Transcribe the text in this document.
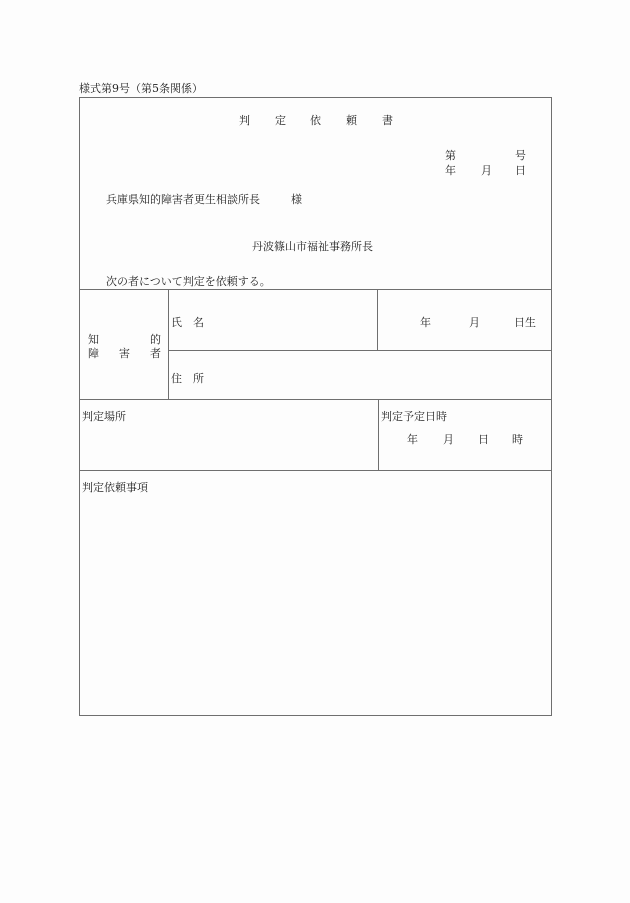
様式第9号（第5条関係）
判 定 依 頼 書
第	号
年 月 日
兵庫県知的障害者更生相談所長	様
丹波篠山市福祉事務所長
次の者について判定を依頼する。
知	的
障 害 者
氏 名	年	月	日生
住 所
判定場所	判定予定日時
年 月 日 時
判定依頼事項
